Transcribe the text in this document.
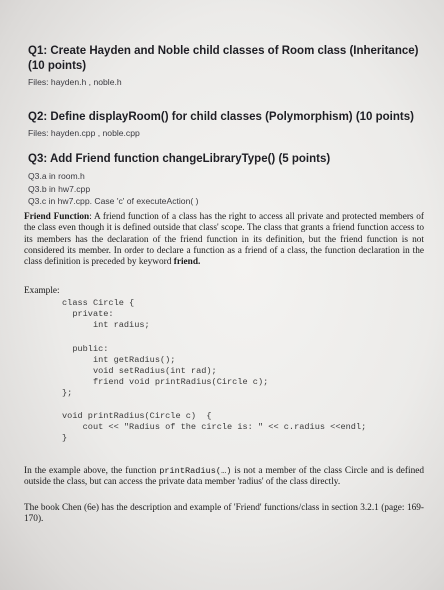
Q1: Create Hayden and Noble child classes of Room class (Inheritance) (10 points)
Files: hayden.h , noble.h
Q2: Define displayRoom() for child classes (Polymorphism) (10 points)
Files: hayden.cpp , noble.cpp
Q3: Add Friend function changeLibraryType() (5 points)
Q3.a in room.h
Q3.b in hw7.cpp
Q3.c in hw7.cpp. Case 'c' of executeAction( )
Friend Function: A friend function of a class has the right to access all private and protected members of the class even though it is defined outside that class' scope. The class that grants a friend function access to its members has the declaration of the friend function in its definition, but the friend function is not considered its member. In order to declare a function as a friend of a class, the function declaration in the class definition is preceded by keyword friend.
Example:
class Circle {
private:
int radius;
public:
int getRadius();
void setRadius(int rad);
friend void printRadius(Circle c);
};
void printRadius(Circle c)  {
cout << "Radius of the circle is: " << c.radius <<endl;
}
In the example above, the function printRadius(…) is not a member of the class Circle and is defined outside the class, but can access the private data member 'radius' of the class directly.
The book Chen (6e) has the description and example of 'Friend' functions/class in section 3.2.1 (page: 169-170).
